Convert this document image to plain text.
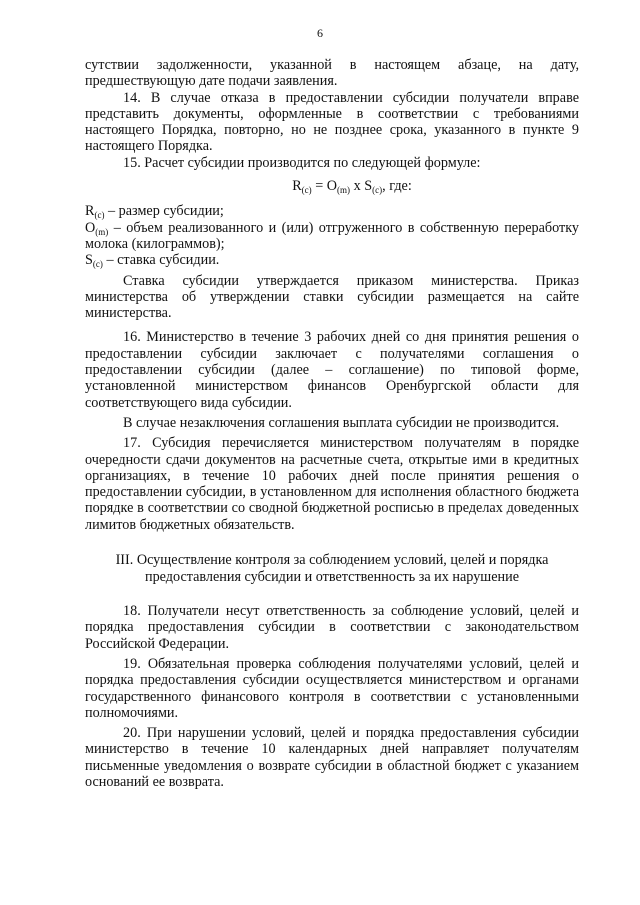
6

сутствии задолженности, указанной в настоящем абзаце, на дату, предшествующую дате подачи заявления.

14. В случае отказа в предоставлении субсидии получатели вправе представить документы, оформленные в соответствии с требованиями настоящего Порядка, повторно, но не позднее срока, указанного в пункте 9 настоящего Порядка.

15. Расчет субсидии производится по следующей формуле:

$R_{(c)} = O_{(m)}$ x $S_{(c)}$, где:

$R_{(c)}$ – размер субсидии;

$O_{(m)}$ – объем реализованного и (или) отгруженного в собственную переработку молока (килограммов);

$S_{(c)}$ – ставка субсидии.

Ставка субсидии утверждается приказом министерства. Приказ министерства об утверждении ставки субсидии размещается на сайте министерства.

16. Министерство в течение 3 рабочих дней со дня принятия решения о предоставлении субсидии заключает с получателями соглашения о предоставлении субсидии (далее – соглашение) по типовой форме, установленной министерством финансов Оренбургской области для соответствующего вида субсидии.

В случае незаключения соглашения выплата субсидии не производится.

17. Субсидия перечисляется министерством получателям в порядке очередности сдачи документов на расчетные счета, открытые ими в кредитных организациях, в течение 10 рабочих дней после принятия решения о предоставлении субсидии, в установленном для исполнения областного бюджета порядке в соответствии со сводной бюджетной росписью в пределах доведенных лимитов бюджетных обязательств.

III. Осуществление контроля за соблюдением условий, целей и порядка
предоставления субсидии и ответственность за их нарушение

18. Получатели несут ответственность за соблюдение условий, целей и порядка предоставления субсидии в соответствии с законодательством Российской Федерации.

19. Обязательная проверка соблюдения получателями условий, целей и порядка предоставления субсидии осуществляется министерством и органами государственного финансового контроля в соответствии с установленными полномочиями.

20. При нарушении условий, целей и порядка предоставления субсидии министерство в течение 10 календарных дней направляет получателям письменные уведомления о возврате субсидии в областной бюджет с указанием оснований ее возврата.
